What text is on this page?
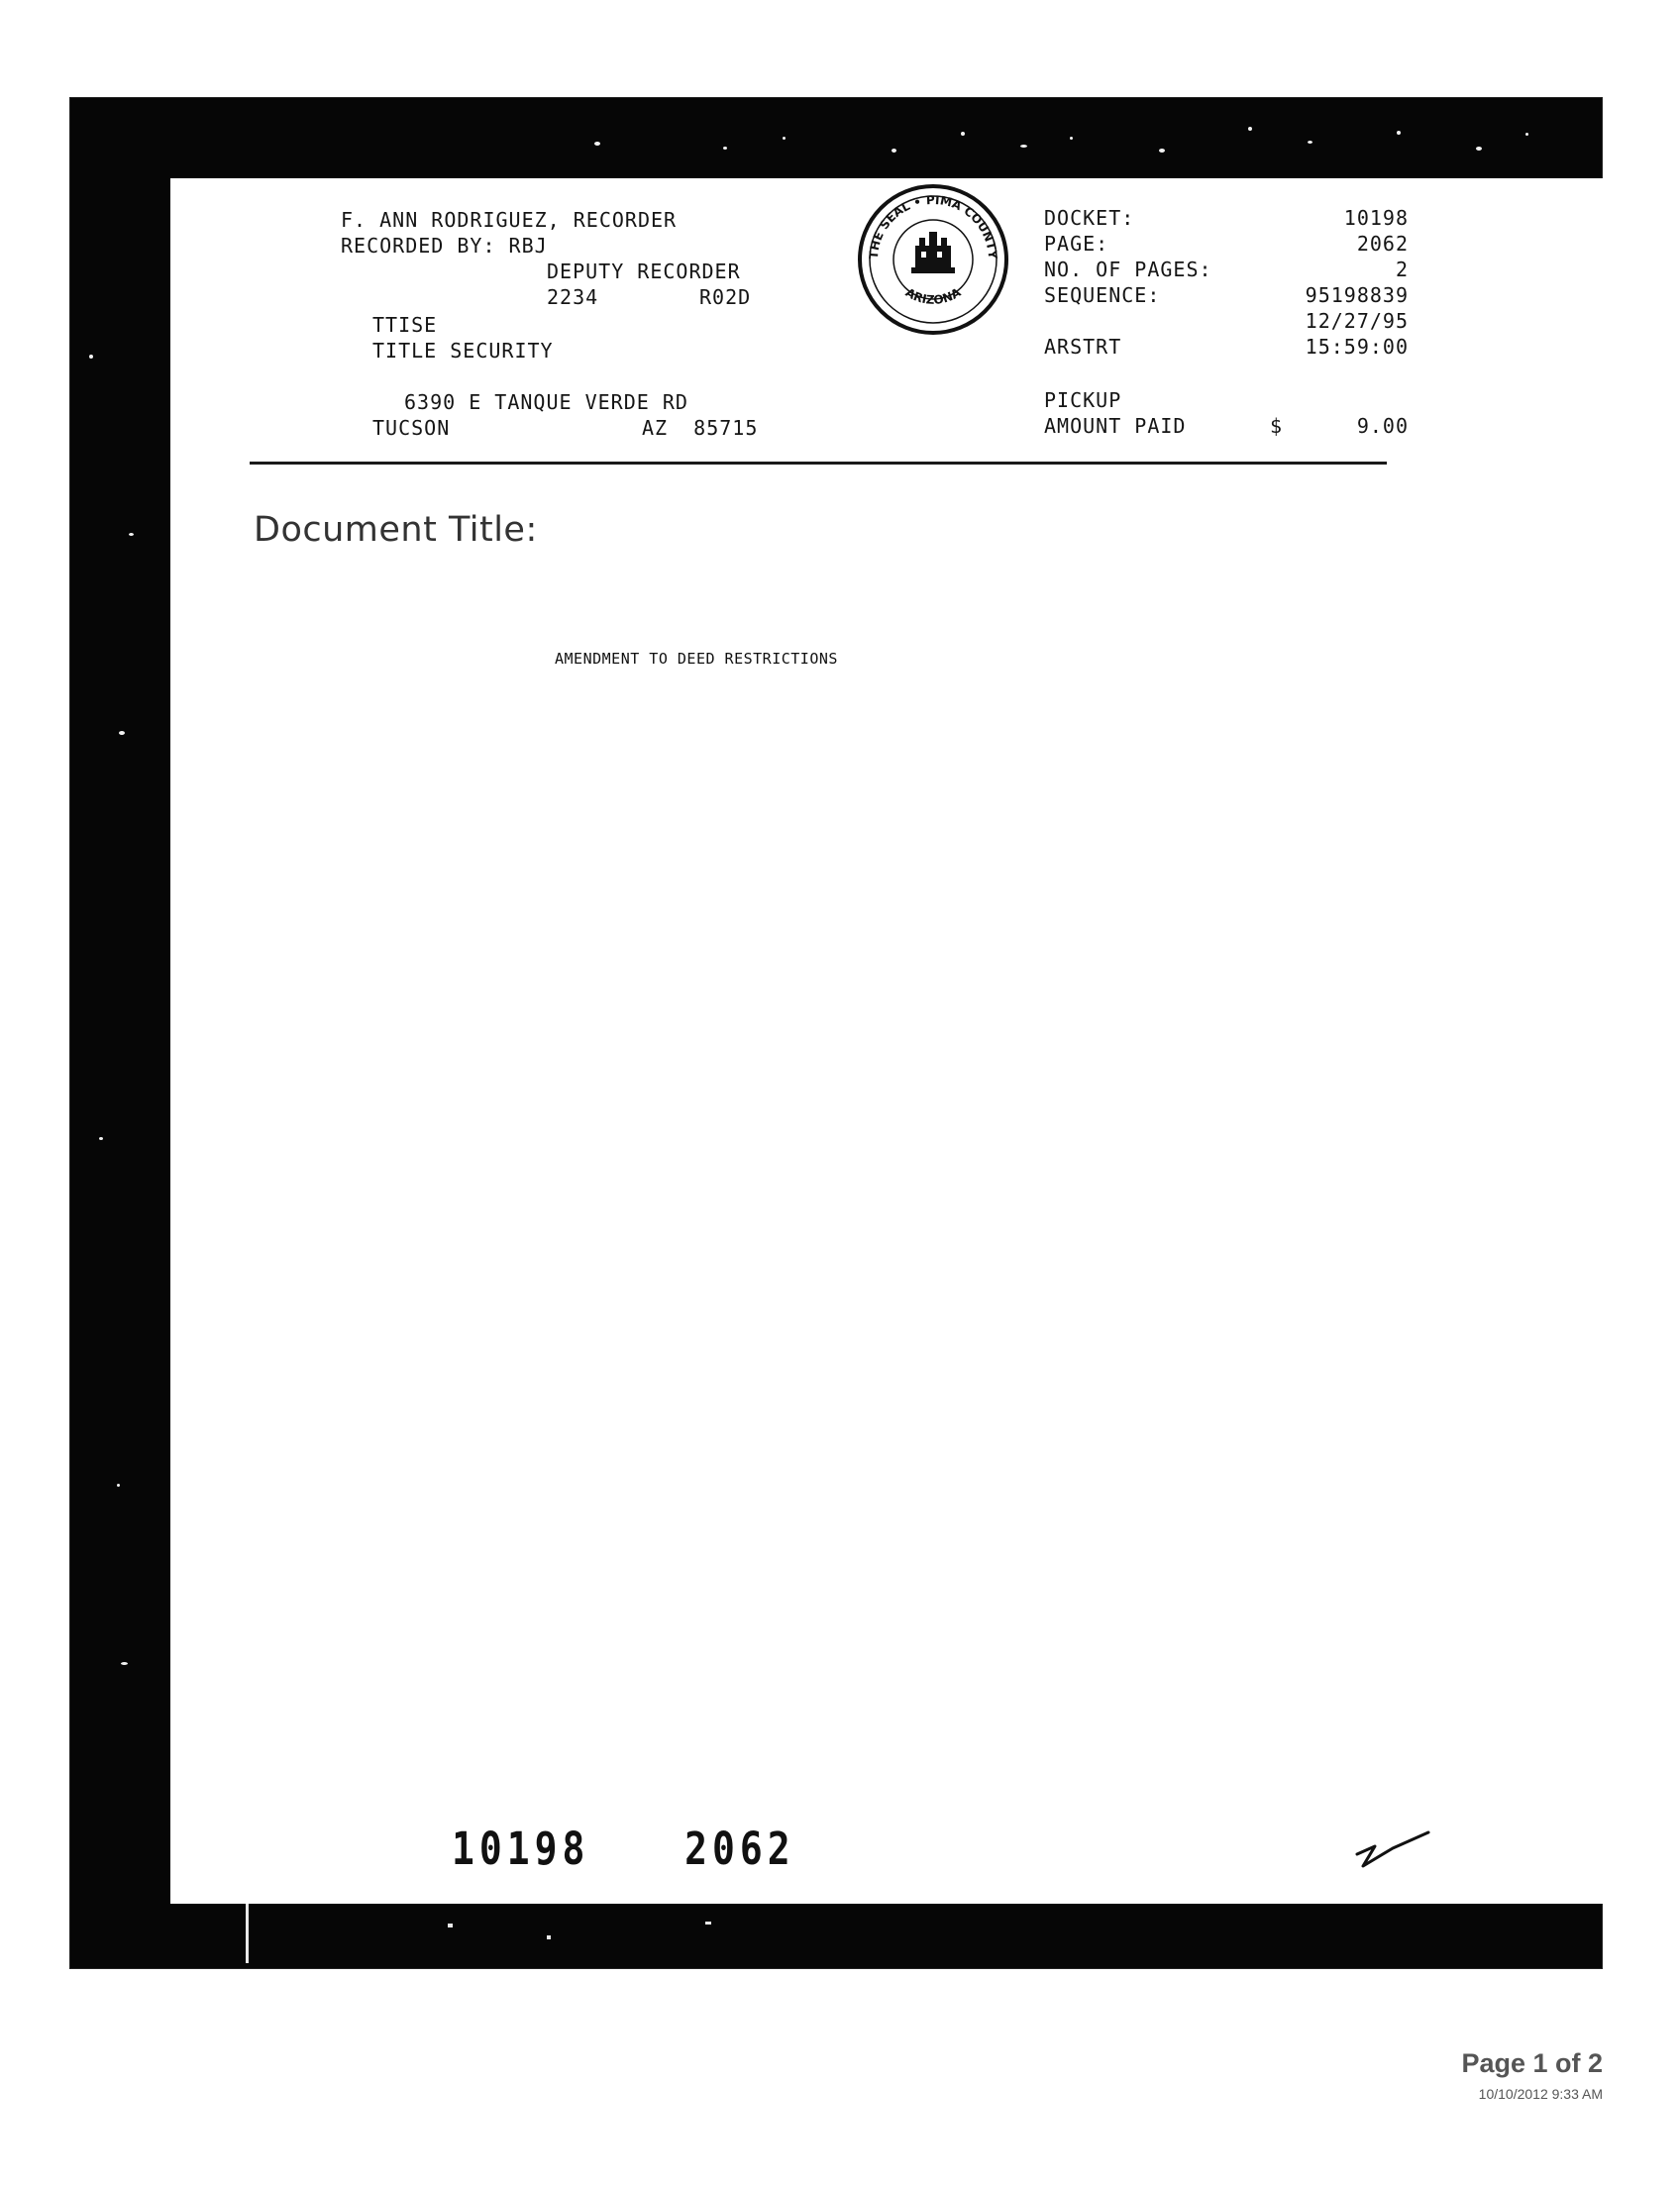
F. ANN RODRIGUEZ, RECORDER
RECORDED BY: RBJ
DEPUTY RECORDER
2234	R02D
TTISE
TITLE SECURITY
6390 E TANQUE VERDE RD
TUCSON	AZ  85715
THE SEAL • PIMA COUNTY
ARIZONA
DOCKET:	10198
PAGE:	2062
NO. OF PAGES:	2
SEQUENCE:	95198839
12/27/95
ARSTRT	15:59:00
PICKUP
AMOUNT PAID	$	9.00
Document Title:
AMENDMENT TO DEED RESTRICTIONS
10198	2062
Page 1 of 2
10/10/2012 9:33 AM
